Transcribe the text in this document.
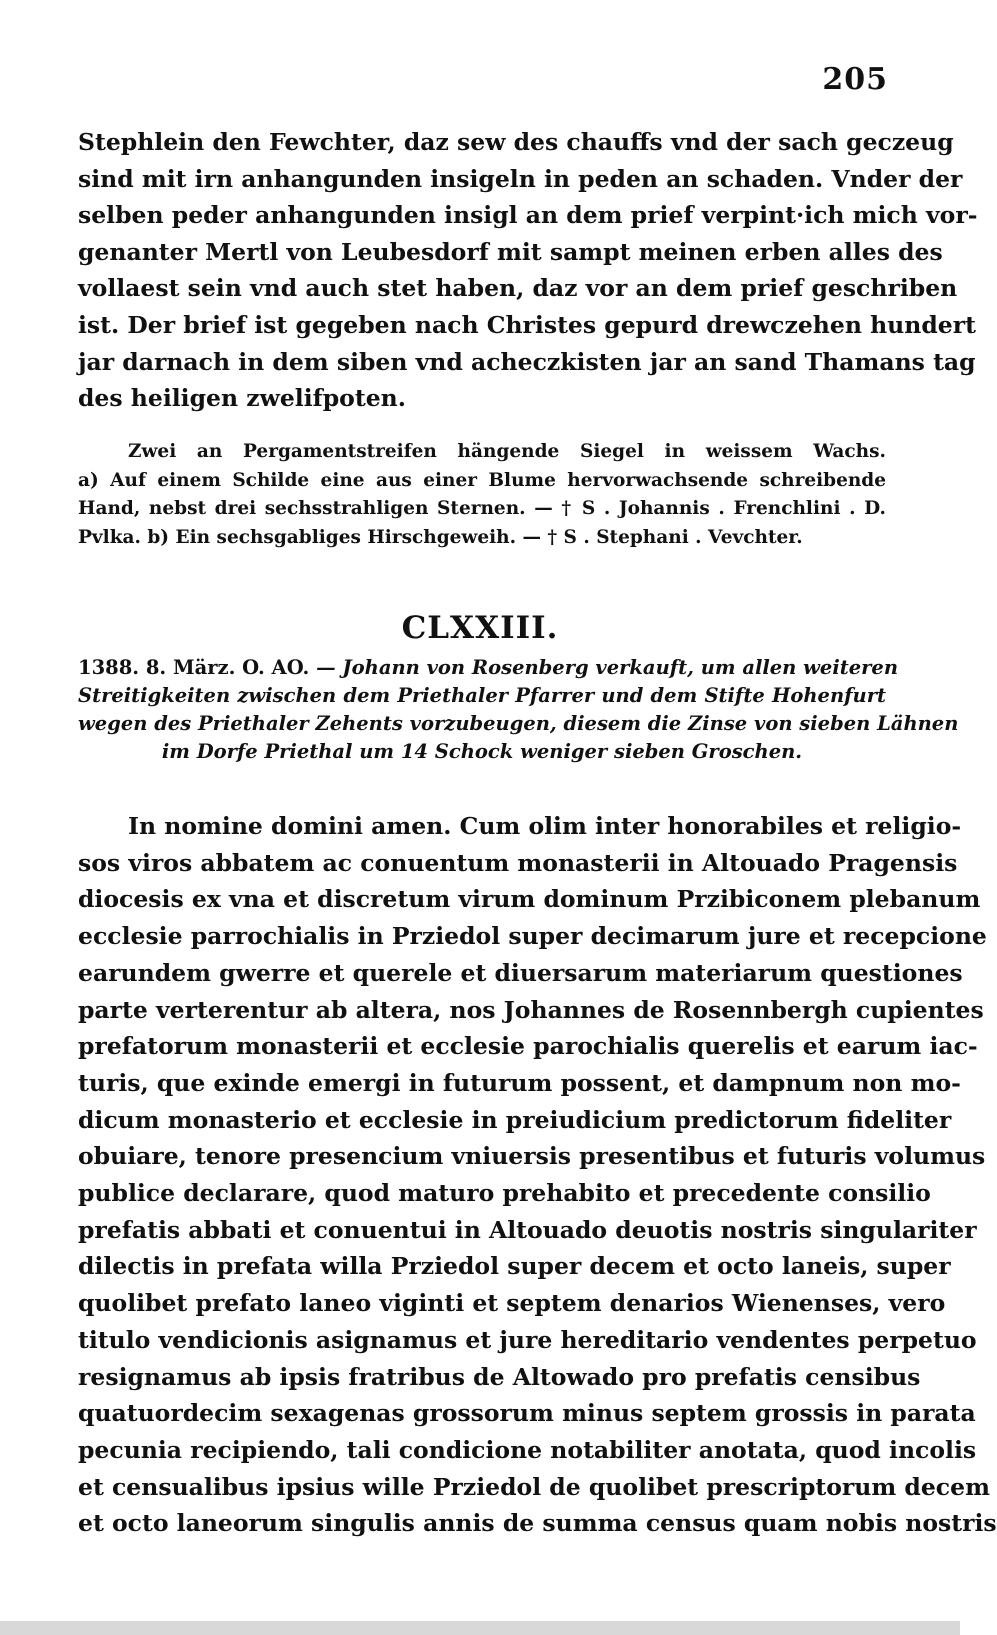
205
Stephlein den Fewchter, daz sew des chauffs vnd der sach geczeug
sind mit irn anhangunden insigeln in peden an schaden. Vnder der
selben peder anhangunden insigl an dem prief verpint·ich mich vor-
genanter Mertl von Leubesdorf mit sampt meinen erben alles des
vollaest sein vnd auch stet haben, daz vor an dem prief geschriben
ist. Der brief ist gegeben nach Christes gepurd drewczehen hundert
jar darnach in dem siben vnd acheczkisten jar an sand Thamans tag
des heiligen zwelifpoten.
Zwei an Pergamentstreifen hängende Siegel in weissem Wachs.
a) Auf einem Schilde eine aus einer Blume hervorwachsende schreibende
Hand, nebst drei sechsstrahligen Sternen. — † S . Johannis . Frenchlini . D.
Pvlka. b) Ein sechsgabliges Hirschgeweih. — † S . Stephani . Vevchter.
CLXXIII.
1388. 8. März. O. AO. — Johann von Rosenberg verkauft, um allen weiteren
Streitigkeiten zwischen dem Priethaler Pfarrer und dem Stifte Hohenfurt
wegen des Priethaler Zehents vorzubeugen, diesem die Zinse von sieben Lähnen
im Dorfe Priethal um 14 Schock weniger sieben Groschen.
In nomine domini amen. Cum olim inter honorabiles et religio-
sos viros abbatem ac conuentum monasterii in Altouado Pragensis
diocesis ex vna et discretum virum dominum Przibiconem plebanum
ecclesie parrochialis in Prziedol super decimarum jure et recepcione
earundem gwerre et querele et diuersarum materiarum questiones
parte verterentur ab altera, nos Johannes de Rosennbergh cupientes
prefatorum monasterii et ecclesie parochialis querelis et earum iac-
turis, que exinde emergi in futurum possent, et dampnum non mo-
dicum monasterio et ecclesie in preiudicium predictorum fideliter
obuiare, tenore presencium vniuersis presentibus et futuris volumus
publice declarare, quod maturo prehabito et precedente consilio
prefatis abbati et conuentui in Altouado deuotis nostris singulariter
dilectis in prefata willa Prziedol super decem et octo laneis, super
quolibet prefato laneo viginti et septem denarios Wienenses, vero
titulo vendicionis asignamus et jure hereditario vendentes perpetuo
resignamus ab ipsis fratribus de Altowado pro prefatis censibus
quatuordecim sexagenas grossorum minus septem grossis in parata
pecunia recipiendo, tali condicione notabiliter anotata, quod incolis
et censualibus ipsius wille Prziedol de quolibet prescriptorum decem
et octo laneorum singulis annis de summa census quam nobis nostris
